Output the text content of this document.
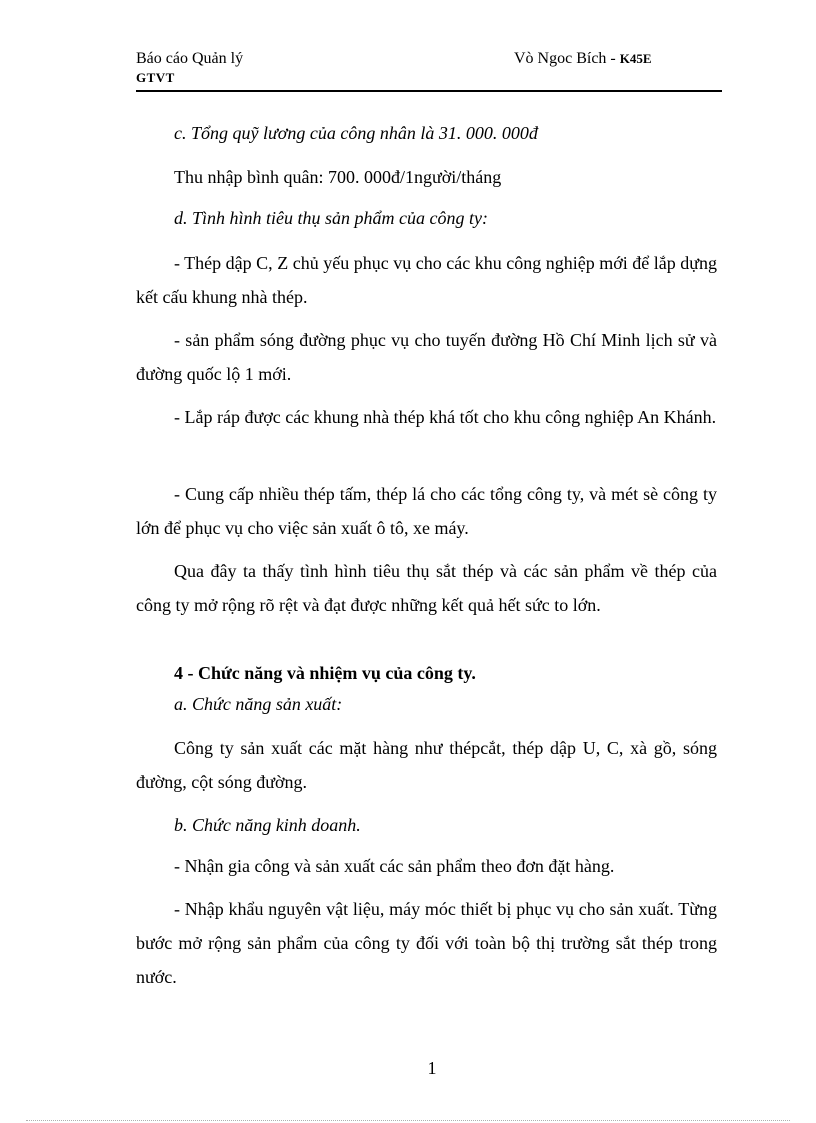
Báo cáo Quản lý
GTVT
Vò Ngoc Bích - K45E
c. Tổng quỹ lương của công nhân là 31. 000. 000đ
Thu nhập bình quân: 700. 000đ/1người/tháng
d. Tình hình tiêu thụ sản phẩm của công ty:
- Thép dập C, Z chủ yếu phục vụ cho các khu công nghiệp mới để lắp dựng kết cấu khung nhà thép.
- sản phẩm sóng đường phục vụ cho tuyến đường Hồ Chí Minh lịch sử và đường quốc lộ 1 mới.
- Lắp ráp được các khung nhà thép khá tốt cho khu công nghiệp An Khánh.
- Cung cấp nhiều thép tấm, thép lá cho các tổng công ty, và mét sè công ty lớn để phục vụ cho việc sản xuất ô tô, xe máy.
Qua đây ta thấy tình hình tiêu thụ sắt thép và các sản phẩm về thép của công ty mở rộng rõ rệt và đạt được những kết quả hết sức to lớn.
4 - Chức năng và nhiệm vụ của công ty.
a. Chức năng sản xuất:
Công ty sản xuất các mặt hàng như thépcắt, thép dập U, C, xà gồ, sóng đường, cột sóng đường.
b. Chức năng kinh doanh.
- Nhận gia công và sản xuất các sản phẩm theo đơn đặt hàng.
- Nhập khẩu nguyên vật liệu, máy móc thiết bị phục vụ cho sản xuất. Từng bước mở rộng sản phẩm của công ty đối với toàn bộ thị trường sắt thép trong nước.
1
